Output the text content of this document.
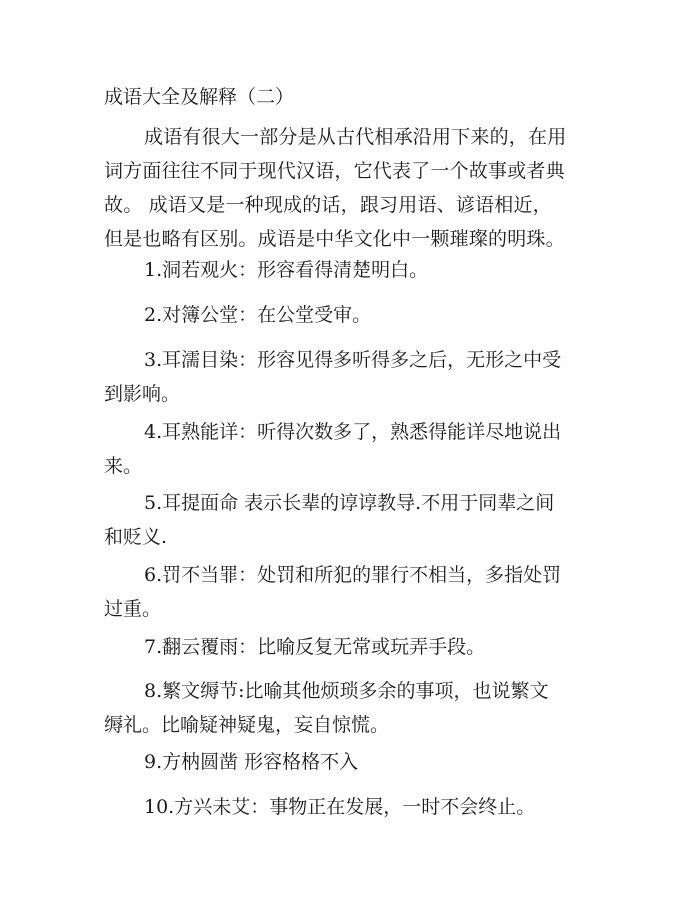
成语大全及解释（二）
成语有很大一部分是从古代相承沿用下来的，在用
词方面往往不同于现代汉语，它代表了一个故事或者典
故。 成语又是一种现成的话，跟习用语、谚语相近，
但是也略有区别。成语是中华文化中一颗璀璨的明珠。
1.洞若观火：形容看得清楚明白。
2.对簿公堂：在公堂受审。
3.耳濡目染：形容见得多听得多之后，无形之中受
到影响。
4.耳熟能详：听得次数多了，熟悉得能详尽地说出
来。
5.耳提面命 表示长辈的谆谆教导.不用于同辈之间
和贬义.
6.罚不当罪：处罚和所犯的罪行不相当，多指处罚
过重。
7.翻云覆雨：比喻反复无常或玩弄手段。
8.繁文缛节:比喻其他烦琐多余的事项，也说繁文
缛礼。比喻疑神疑鬼，妄自惊慌。
9.方枘圆凿 形容格格不入
10.方兴未艾：事物正在发展，一时不会终止。
